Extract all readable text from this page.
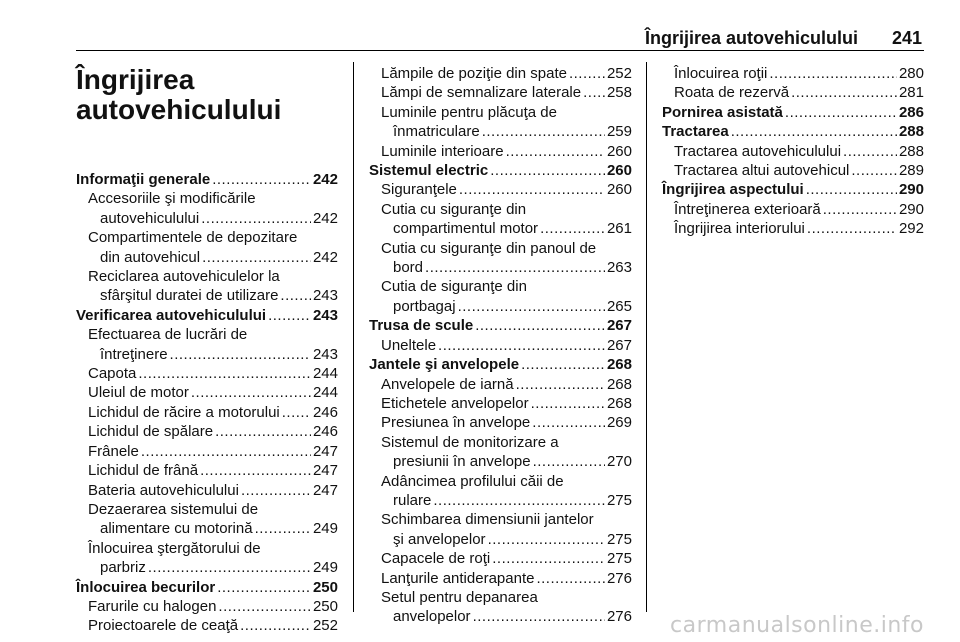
Îngrijirea autovehiculului 241
Îngrijirea
autovehiculului
Informaţii generale .....	242
Accesoriile şi modificările
autovehiculului .....	242
Compartimentele de depozitare
din autovehicul .....	242
Reciclarea autovehiculelor la
sfârşitul duratei de utilizare ..... 243
Verificarea autovehiculului .....	243
Efectuarea de lucrări de
întreţinere .....	243
Capota .....	244
Uleiul de motor .....	244
Lichidul de răcire a motorului ..... 246
Lichidul de spălare .....	246
Frânele .....	247
Lichidul de frână .....	247
Bateria autovehiculului .....	247
Dezaerarea sistemului de
alimentare cu motorină .....	249
Înlocuirea ştergătorului de
parbriz .....	249
Înlocuirea becurilor .....	250
Farurile cu halogen .....	250
Proiectoarele de ceaţă .....	252
Lămpile de poziţie din spate .....	252
Lămpi de semnalizare laterale ..... 258
Luminile pentru plăcuţa de
înmatriculare .....	259
Luminile interioare .....	260
Sistemul electric .....	260
Siguranţele .....	260
Cutia cu siguranţe din
compartimentul motor .....	261
Cutia cu siguranţe din panoul de
bord .....	263
Cutia de siguranţe din
portbagaj .....	265
Trusa de scule .....	267
Uneltele .....	267
Jantele şi anvelopele .....	268
Anvelopele de iarnă .....	268
Etichetele anvelopelor .....	268
Presiunea în anvelope .....	269
Sistemul de monitorizare a
presiunii în anvelope .....	270
Adâncimea profilului căii de
rulare .....	275
Schimbarea dimensiunii jantelor
şi anvelopelor .....	275
Capacele de roţi .....	275
Lanţurile antiderapante .....	276
Setul pentru depanarea
anvelopelor .....	276
Înlocuirea roţii .....	280
Roata de rezervă .....	281
Pornirea asistată .....	286
Tractarea .....	288
Tractarea autovehiculului .....	288
Tractarea altui autovehicul .....	289
Îngrijirea aspectului .....	290
Întreţinerea exterioară .....	290
Îngrijirea interiorului .....	292
carmanualsonline.info
